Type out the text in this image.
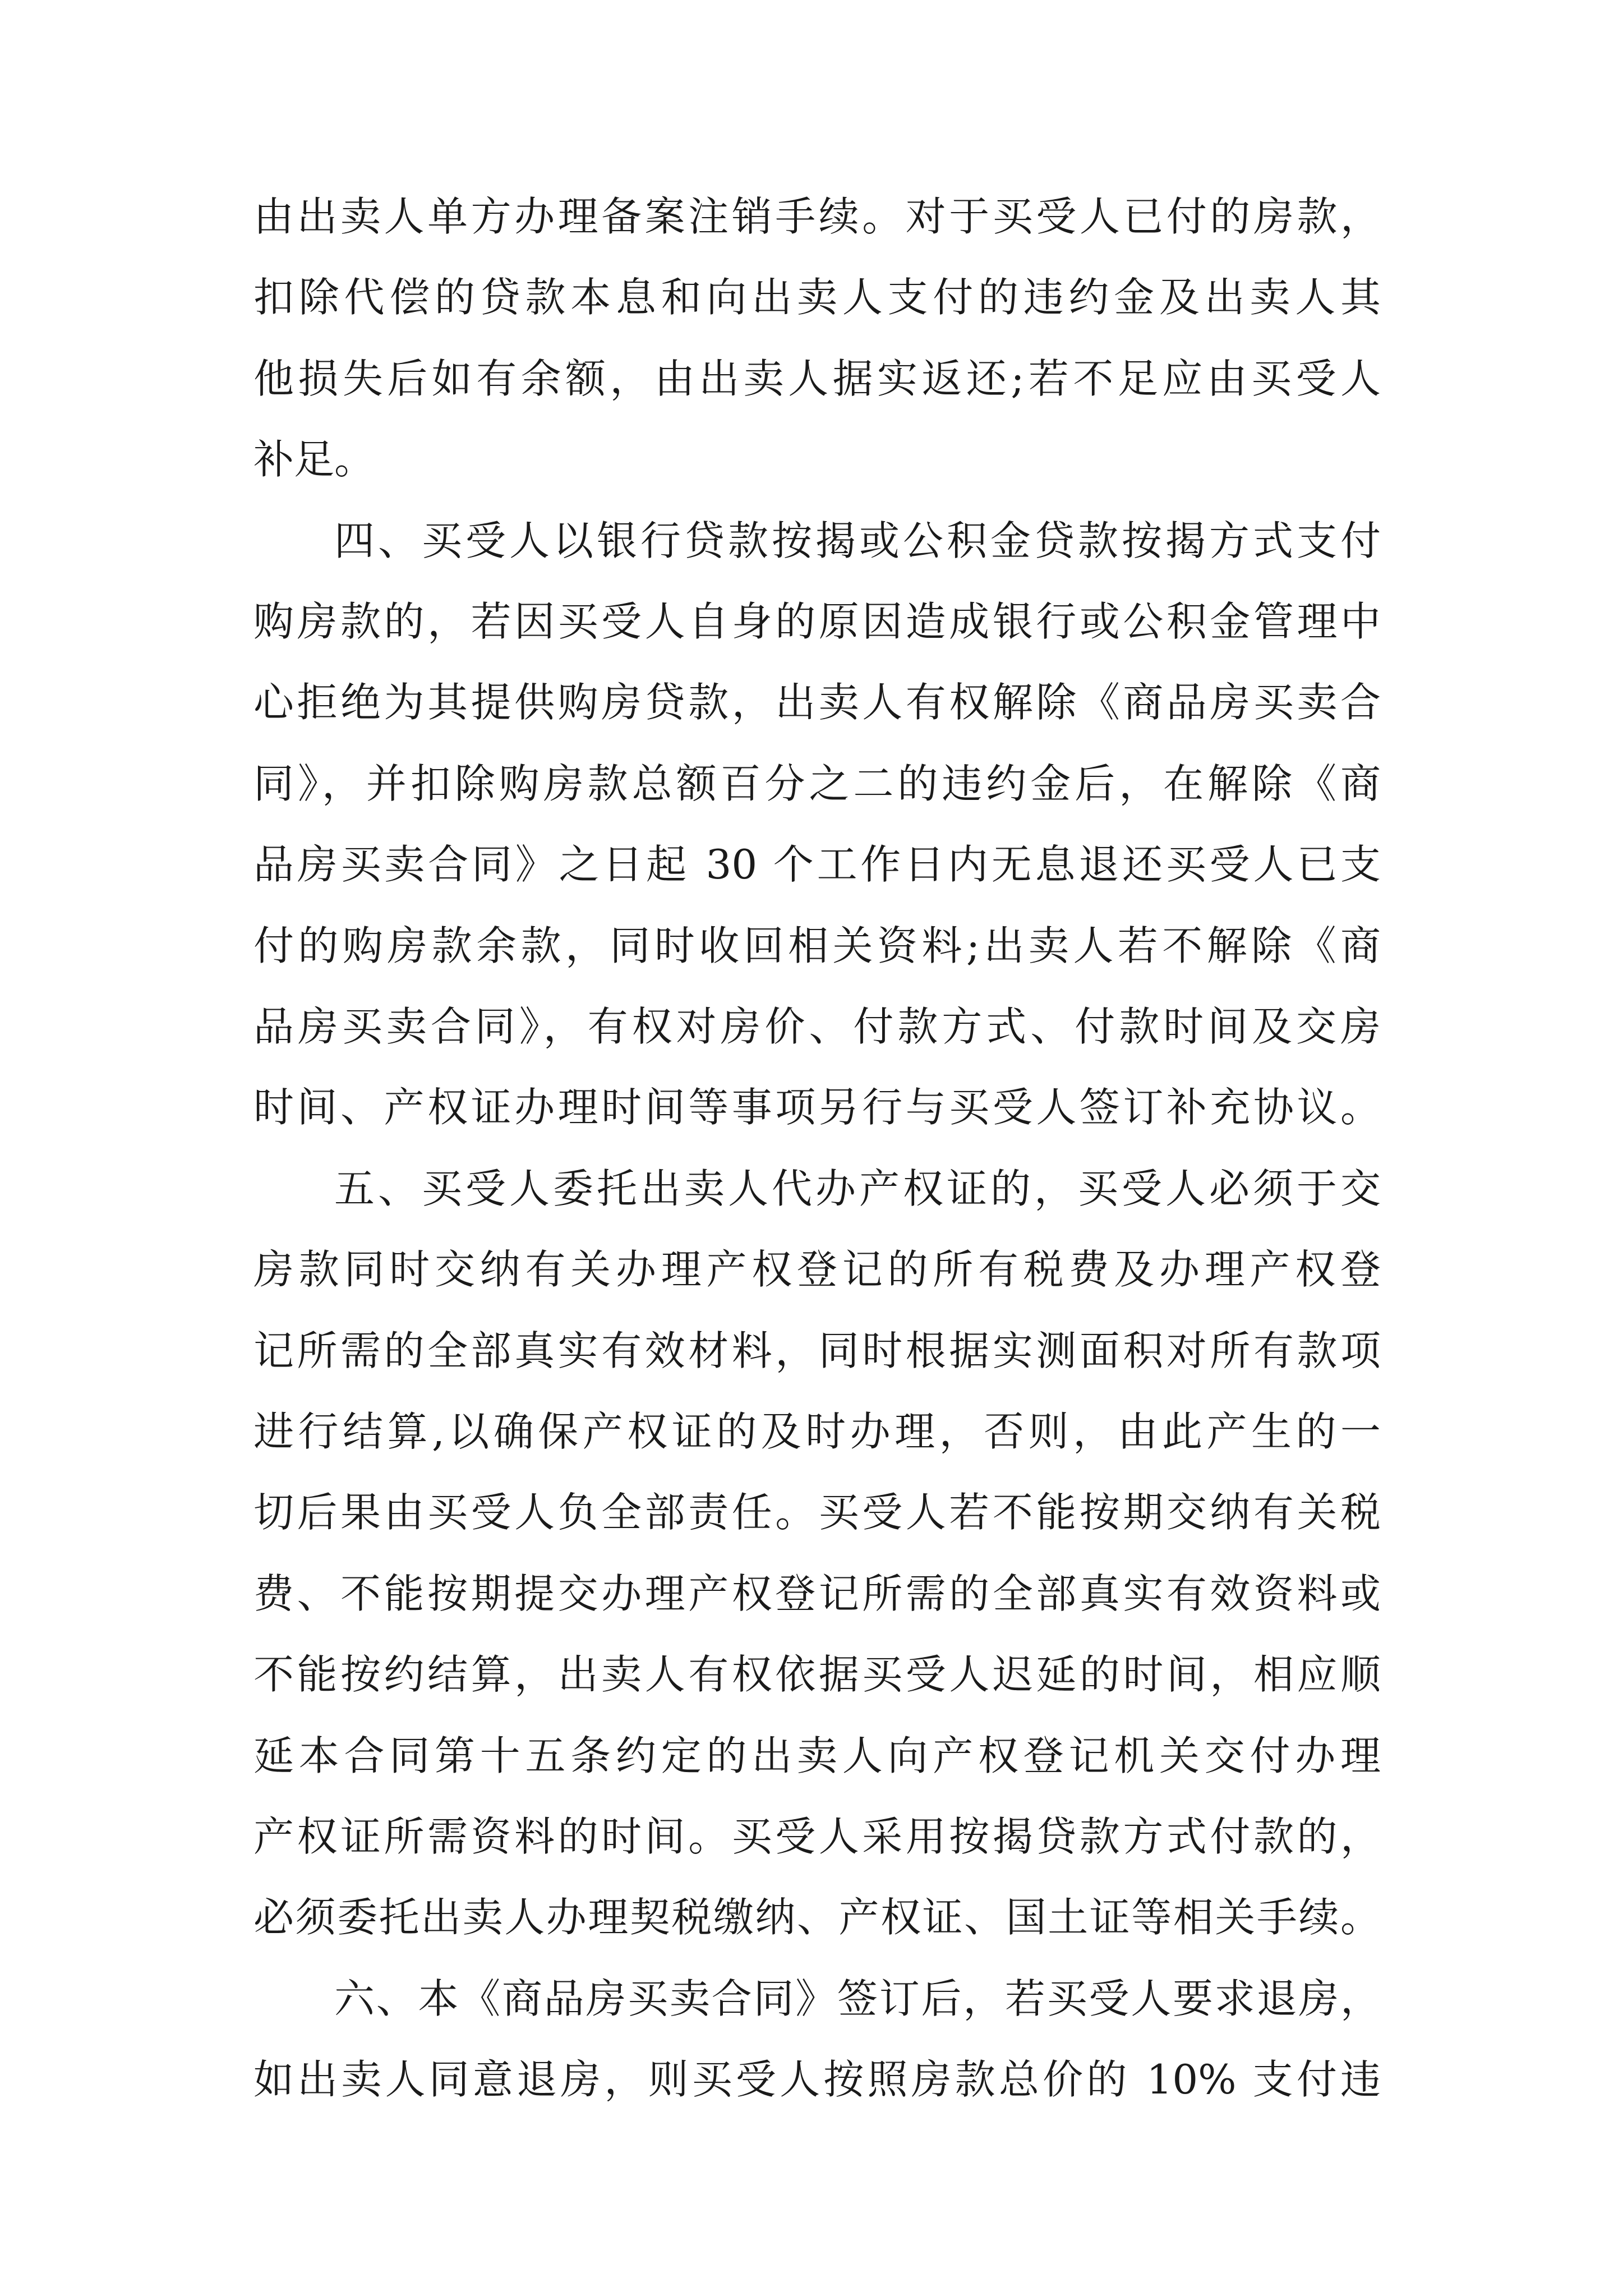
由出卖人单方办理备案注销手续。对于买受人已付的房款，
扣除代偿的贷款本息和向出卖人支付的违约金及出卖人其
他损失后如有余额，由出卖人据实返还;若不足应由买受人
补足。
四、买受人以银行贷款按揭或公积金贷款按揭方式支付
购房款的，若因买受人自身的原因造成银行或公积金管理中
心拒绝为其提供购房贷款，出卖人有权解除《商品房买卖合
同》，并扣除购房款总额百分之二的违约金后，在解除《商
品房买卖合同》之日起 30 个工作日内无息退还买受人已支
付的购房款余款，同时收回相关资料;出卖人若不解除《商
品房买卖合同》，有权对房价、付款方式、付款时间及交房
时间、产权证办理时间等事项另行与买受人签订补充协议。
五、买受人委托出卖人代办产权证的，买受人必须于交
房款同时交纳有关办理产权登记的所有税费及办理产权登
记所需的全部真实有效材料，同时根据实测面积对所有款项
进行结算,以确保产权证的及时办理，否则，由此产生的一
切后果由买受人负全部责任。买受人若不能按期交纳有关税
费、不能按期提交办理产权登记所需的全部真实有效资料或
不能按约结算，出卖人有权依据买受人迟延的时间，相应顺
延本合同第十五条约定的出卖人向产权登记机关交付办理
产权证所需资料的时间。买受人采用按揭贷款方式付款的，
必须委托出卖人办理契税缴纳、产权证、国土证等相关手续。
六、本《商品房买卖合同》签订后，若买受人要求退房，
如出卖人同意退房，则买受人按照房款总价的 10% 支付违
